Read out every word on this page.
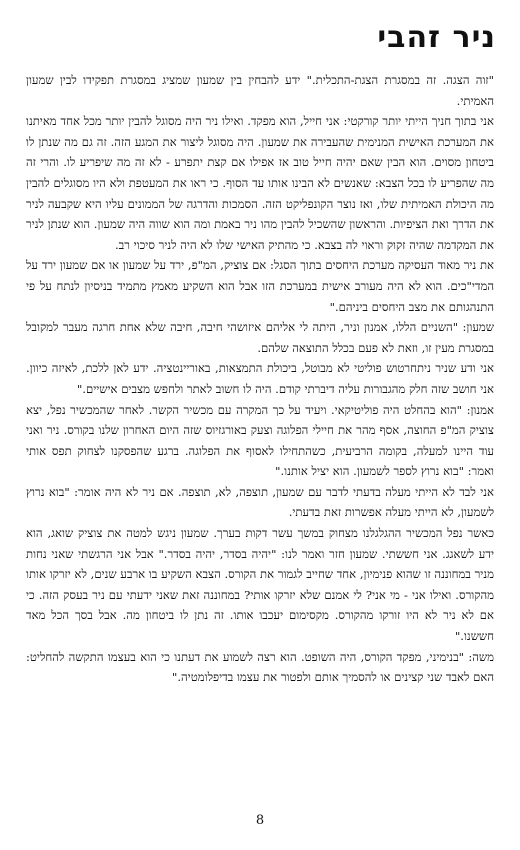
ניר זהבי

"זוה הצגה. זה במסגרת הצגת-התכלית." ידע להבחין בין שמעון שמציג במסגרת תפקידו לבין שמעון האמיתי.

אני בתוך חניך הייתי יותר קורקטי: אני חייל, הוא מפקד. ואילו ניר היה מסוגל להבין יותר מכל אחד מאיתנו את המערכת האישית המנימית שהעבירה את שמעון. היה מסוגל ליצור את המגע הזה. זה גם מה שנתן לו ביטחון מסוים. הוא הבין שאם יהיה חייל טוב אז אפילו אם קצת יתפרע - לא זה מה שיפריע לו. והרי זה מה שהפריע לו בכל הצבא: שאנשים לא הבינו אותו עד הסוף. כי ראו את המעטפת ולא היו מסוגלים להבין מה היכולת האמיתית שלו, ואז נוצר הקונפליקט הזה. הסמכות והדרגה של הממונים עליו היא שקבעה לניר את הדרך ואת הציפיות. והראשון שהשכיל להבין מהו ניר באמת ומה הוא שווה היה שמעון. הוא שנתן לניר את המקדמה שהיה זקוק וראוי לה בצבא. כי מהתיק האישי שלו לא היה לניר סיכוי רב.

את ניר מאוד העסיקה מערכת היחסים בתוך הסגל: אם צוציק, המ"פ, ירד על שמעון או אם שמעון ירד על המדי"כים. הוא לא היה מעורב אישית במערכת הזו אבל הוא השקיע מאמץ מתמיד בניסיון לנתח על פי התנהגותם את מצב היחסים ביניהם."

שמעון: "השניים הללו, אמנון וניר, היתה לי אליהם איזושהי חיבה, חיבה שלא אחת חרגה מעבר למקובל במסגרת מעין זו, וזאת לא פעם בכלל התוצאה שלהם.

אני ודע שניר ניתחרטוש פוליטי לא מבוטל, ביכולת התמצאות, באוריינטציה. ידע לאן ללכת, לאיזה כיוון. אני חושב שזה חלק מהגבורות עליה דיברתי קודם. היה לו חשוב לאתר ולחפש מצבים אישיים."

אמנון: "הוא בהחלט היה פוליטיקאי. ויעיד על כך המקרה עם מכשיר הקשר. לאחר שהמכשיר נפל, יצא צוציק המ"פ החוצה, אסף מהר את חיילי הפלוגה וצעק באורגזיוס שזה היום האחרון שלנו בקורס. ניר ואני עוד היינו למעלה, בקומה הרביעית, כשהתחילו לאסוף את הפלוגה. ברגע שהפסקנו לצחוק תפס אותי ואמר: "בוא נרוץ לספר לשמעון. הוא יציל אותנו."

אני לבד לא הייתי מעלה בדעתי לדבר עם שמעון, תוצפה, לא, תוצפה. אם ניר לא היה אומר: "בוא נרוץ לשמעון, לא הייתי מעלה אפשרות זאת בדעתי.

כאשר נפל המכשיר ההגלגלנו מצחוק במשך עשר דקות בערך. שמעון ניגש למטה את צוציק שואג, הוא ידע לשאגג. אני חששתי. שמעון חזר ואמר לנו: "יהיה בסדר, יהיה בסדר." אבל אני הרגשתי שאני נחות מניר במחוננה זו שהוא פנימיון, אחד שחייב לגמור את הקורס. הצבא השקיע בו ארבע שנים, לא יזרקו אותו מהקורס. ואילו אני - מי אני? לי אמנם שלא יזרקו אותי? במחוננה זאת שאני ידעתי עם ניר בעסק הזה. כי אם לא ניר לא היו זורקו מהקורס. מקסימום יעכבו אותו. זה נתן לו ביטחון מה. אבל בסך הכל מאד חששנו."

משה: "בנימיני, מפקד הקורס, היה השופט. הוא רצה לשמוע את דעתנו כי הוא בעצמו התקשה להחליט: האם לאבד שני קצינים או להסמיך אותם ולפטור את עצמו בדיפלומטיה."

8
